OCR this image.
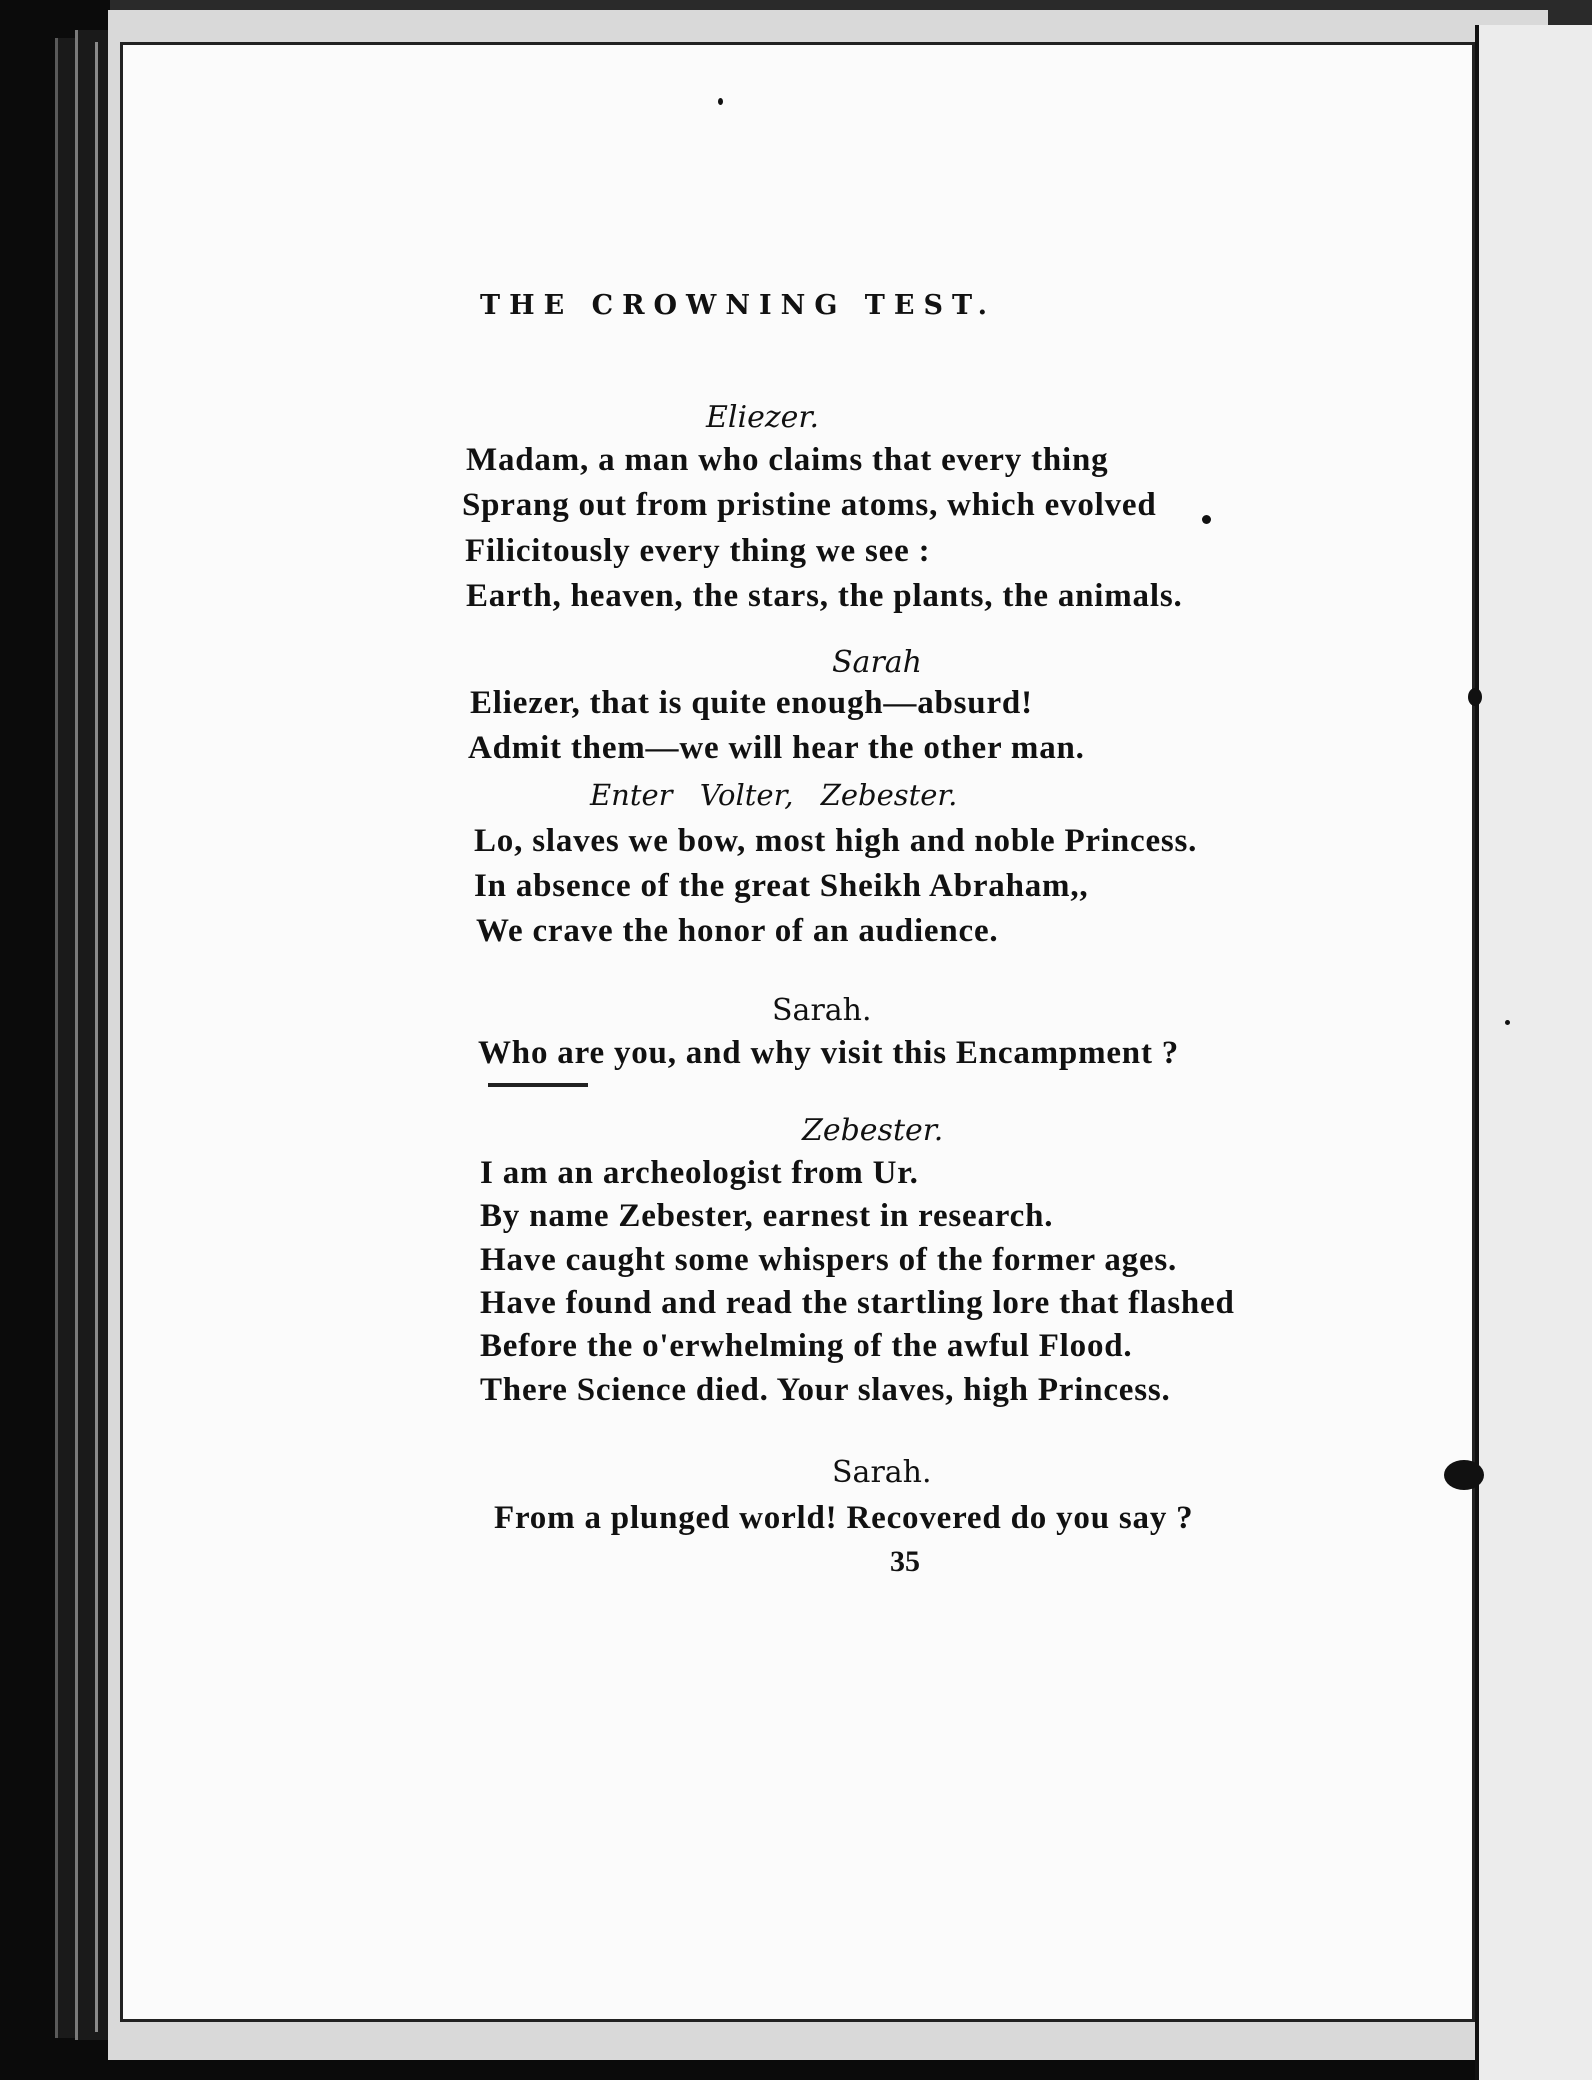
THE CROWNING TEST.
Eliezer.
Madam, a man who claims that every thing
Sprang out from pristine atoms, which evolved
Filicitously every thing we see :
Earth, heaven, the stars, the plants, the animals.
Sarah
Eliezer, that is quite enough—absurd!
Admit them—we will hear the other man.
Enter Volter, Zebester.
Lo, slaves we bow, most high and noble Princess.
In absence of the great Sheikh Abraham,,
We crave the honor of an audience.
Sarah.
Who are you, and why visit this Encampment ?
Zebester.
I am an archeologist from Ur.
By name Zebester, earnest in research.
Have caught some whispers of the former ages.
Have found and read the startling lore that flashed
Before the o'erwhelming of the awful Flood.
There Science died. Your slaves, high Princess.
Sarah.
From a plunged world! Recovered do you say ?
35
